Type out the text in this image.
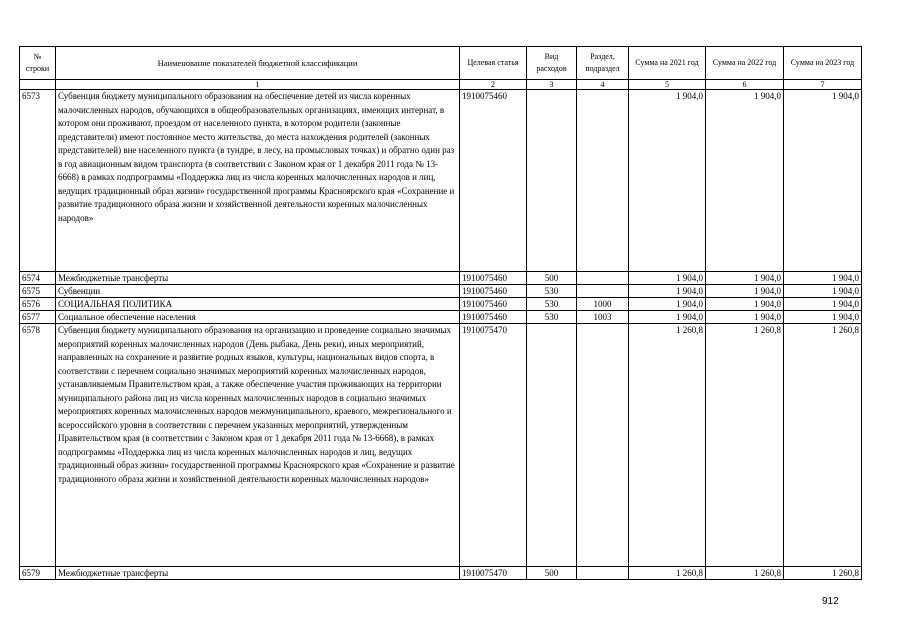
№ строки	Наименование показателей бюджетной классификации	Целевая статья	Вид расходов	Раздел, подраздел	Сумма на 2021 год	Сумма на 2022 год	Сумма на 2023 год
	1	2	3	4	5	6	7
6573	Субвенция бюджету муниципального образования на обеспечение детей из числа коренных малочисленных народов, обучающихся в общеобразовательных организациях, имеющих интернат, в котором они проживают, проездом от населенного пункта, в котором родители (законные представители) имеют постоянное место жительства, до места нахождения родителей (законных представителей) вне населенного пункта (в тундре, в лесу, на промысловых точках) и обратно один раз в год авиационным видом транспорта (в соответствии с Законом края от 1 декабря 2011 года № 13-6668) в рамках подпрограммы «Поддержка лиц из числа коренных малочисленных народов и лиц, ведущих традиционный образ жизни» государственной программы Красноярского края «Сохранение и развитие традиционного образа жизни и хозяйственной деятельности коренных малочисленных народов»	1910075460			1 904,0	1 904,0	1 904,0
6574	Межбюджетные трансферты	1910075460	500		1 904,0	1 904,0	1 904,0
6575	Субвенции	1910075460	530		1 904,0	1 904,0	1 904,0
6576	СОЦИАЛЬНАЯ ПОЛИТИКА	1910075460	530	1000	1 904,0	1 904,0	1 904,0
6577	Социальное обеспечение населения	1910075460	530	1003	1 904,0	1 904,0	1 904,0
6578	Субвенция бюджету муниципального образования на организацию и проведение социально значимых мероприятий коренных малочисленных народов (День рыбака, День реки), иных мероприятий, направленных на сохранение и развитие родных языков, культуры, национальных видов спорта, в соответствии с перечнем социально значимых мероприятий коренных малочисленных народов, устанавливаемым Правительством края, а также обеспечение участия проживающих на территории муниципального района лиц из числа коренных малочисленных народов в социально значимых мероприятиях коренных малочисленных народов межмуниципального, краевого, межрегионального и всероссийского уровня в соответствии с перечнем указанных мероприятий, утвержденным Правительством края (в соответствии с Законом края от 1 декабря 2011 года № 13-6668), в рамках подпрограммы «Поддержка лиц из числа коренных малочисленных народов и лиц, ведущих традиционный образ жизни» государственной программы Красноярского края «Сохранение и развитие традиционного образа жизни и хозяйственной деятельности коренных малочисленных народов»	1910075470			1 260,8	1 260,8	1 260,8
6579	Межбюджетные трансферты	1910075470	500		1 260,8	1 260,8	1 260,8
912
